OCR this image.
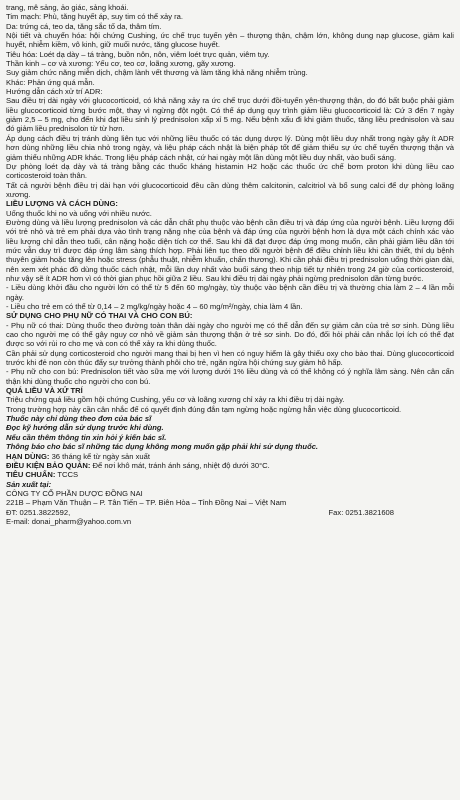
trang, mê sảng, ảo giác, sảng khoái.

Tim mạch: Phù, tăng huyết áp, suy tim có thể xảy ra.

Da: trứng cá, teo da, tăng sắc tố da, thâm tím.

Nội tiết và chuyển hóa: hội chứng Cushing, ức chế trục tuyến yên – thượng thận, chậm lớn, không dung nạp glucose, giảm kali huyết, nhiễm kiềm, vô kinh, giữ muối nước, tăng glucose huyết.

Tiêu hóa: Loét dạ dày – tá tràng, buồn nôn, nôn, viêm loét trực quản, viêm tụy.

Thần kinh – cơ và xương: Yếu cơ, teo cơ, loãng xương, gãy xương.

Suy giảm chức năng miễn dịch, chậm lành vết thương và làm tăng khả năng nhiễm trùng.

Khác: Phản ứng quá mẫn.

Hướng dẫn cách xử trí ADR:

Sau điều trị dài ngày với glucocorticoid, có khả năng xảy ra ức chế trục dưới đồi-tuyến yên-thượng thận, do đó bất buộc phải giảm liều glucocorticoid từng bước một, thay vì ngừng đột ngột. Có thể áp dụng quy trình giảm liều glucocorticoid là: Cứ 3 đến 7 ngày giảm 2,5 – 5 mg, cho đến khi đạt liều sinh lý prednisolon xấp xỉ 5 mg. Nếu bệnh xấu đi khi giảm thuốc, tăng liều prednisolon và sau đó giảm liều prednisolon từ từ hơn.

Áp dụng cách điều trị tránh dùng liên tục với những liều thuốc có tác dụng dược lý. Dùng một liều duy nhất trong ngày gây ít ADR hơn dùng những liều chia nhỏ trong ngày, và liệu pháp cách nhật là biện pháp tốt để giảm thiểu sự ức chế tuyến thượng thận và giảm thiểu những ADR khác. Trong liệu pháp cách nhật, cứ hai ngày một lần dùng một liều duy nhất, vào buổi sáng.

Dự phòng loét dạ dày và tá tràng bằng các thuốc kháng histamin H2 hoặc các thuốc ức chế bơm proton khi dùng liều cao corticosteroid toàn thân.

Tất cả người bệnh điều trị dài hạn với glucocorticoid đều cần dùng thêm calcitonin, calcitriol và bổ sung calci để dự phòng loãng xương.

LIỀU LƯỢNG VÀ CÁCH DÙNG:

Uống thuốc khi no và uống với nhiều nước.

Đường dùng và liều lượng prednisolon và các dẫn chất phụ thuộc vào bệnh cần điều trị và đáp ứng của người bệnh. Liều lượng đối với trẻ nhỏ và trẻ em phải dựa vào tình trạng nặng nhẹ của bệnh và đáp ứng của người bệnh hơn là dựa một cách chính xác vào liều lượng chỉ dẫn theo tuổi, cân nặng hoặc diện tích cơ thể. Sau khi đã đạt được đáp ứng mong muốn, cần phải giảm liều dần tới mức vẫn duy trì được đáp ứng lâm sàng thích hợp. Phải liên tục theo dõi người bệnh để điều chỉnh liều khi cần thiết, thí dụ bệnh thuyên giảm hoặc tăng lên hoặc stress (phẫu thuật, nhiễm khuẩn, chấn thương). Khi cần phải điều trị prednisolon uống thời gian dài, nên xem xét phác đồ dùng thuốc cách nhật, mỗi lần duy nhất vào buổi sáng theo nhịp tiết tự nhiên trong 24 giờ của corticosteroid, như vậy sẽ ít ADR hơn vì có thời gian phục hồi giữa 2 liều. Sau khi điều trị dài ngày phải ngừng prednisolon dần từng bước.

- Liều dùng khởi đầu cho người lớn có thể từ 5 đến 60 mg/ngày, tùy thuộc vào bệnh cần điều trị và thường chia làm 2 – 4 lần mỗi ngày.

- Liều cho trẻ em có thể từ 0,14 – 2 mg/kg/ngày hoặc 4 – 60 mg/m²/ngày, chia làm 4 lần.

SỬ DỤNG CHO PHỤ NỮ CÓ THAI VÀ CHO CON BÚ:

- Phụ nữ có thai: Dùng thuốc theo đường toàn thân dài ngày cho người mẹ có thể dẫn đến sự giảm cân của trẻ sơ sinh. Dùng liều cao cho người mẹ có thể gây nguy cơ nhỏ về giảm sản thượng thận ở trẻ sơ sinh. Do đó, đối hỏi phải cân nhắc lợi ích có thể đạt được so với rủi ro cho mẹ và con có thể xảy ra khi dùng thuốc.

Cần phải sử dụng corticosteroid cho người mang thai bị hen vì hen có nguy hiểm là gây thiếu oxy cho bào thai. Dùng glucocorticoid trước khi đẻ non còn thúc đẩy sự trưởng thành phôi cho trẻ, ngăn ngừa hội chứng suy giảm hô hấp.

- Phụ nữ cho con bú: Prednisolon tiết vào sữa mẹ với lượng dưới 1% liều dùng và có thể không có ý nghĩa lâm sàng. Nên cân cẩn thận khi dùng thuốc cho người cho con bú.

QUÁ LIỀU VÀ XỬ TRÍ

Triệu chứng quá liều gồm hội chứng Cushing, yếu cơ và loãng xương chỉ xảy ra khi điều trị dài ngày.

Trong trường hợp này cần cân nhắc để có quyết định đúng đắn tạm ngừng hoặc ngừng hẳn việc dùng glucocorticoid.

Thuốc này chỉ dùng theo đơn của bác sĩ

Đọc kỹ hướng dẫn sử dụng trước khi dùng.

Nếu cần thêm thông tin xin hỏi ý kiến bác sĩ.

Thông báo cho bác sĩ những tác dụng không mong muốn gặp phải khi sử dụng thuốc.

HẠN DÙNG: 36 tháng kể từ ngày sản xuất

ĐIỀU KIỆN BẢO QUẢN: Để nơi khô mát, tránh ánh sáng, nhiệt độ dưới 30°C.

TIÊU CHUẨN: TCCS

Sản xuất tại:

CÔNG TY CỔ PHẦN DƯỢC ĐỒNG NAI

221B – Phạm Văn Thuận – P. Tân Tiến – TP. Biên Hòa – Tỉnh Đồng Nai – Việt Nam

ĐT: 0251.3822592,	Fax: 0251.3821608

E-mail: donai_pharm@yahoo.com.vn
